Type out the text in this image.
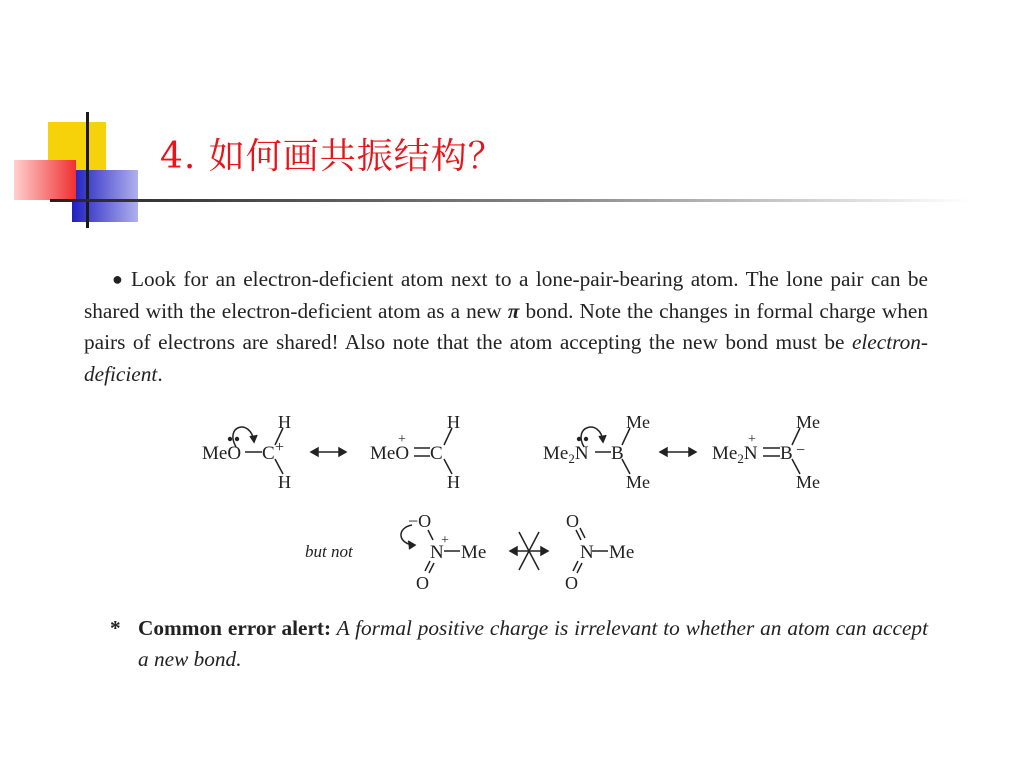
4. 如何画共振结构？
● Look for an electron-deficient atom next to a lone-pair-bearing atom. The lone pair can be shared with the electron-deficient atom as a new π bond. Note the changes in formal charge when pairs of electrons are shared! Also note that the atom accepting the new bond must be electron-deficient.
MeO C +
H
H
MeO
+
C
H
H
$Me_2N$ B
Me
Me
$Me_2N$
+
B −
Me
Me
but not
−O
N
+
Me
O
O
N Me
O
* Common error alert: A formal positive charge is irrelevant to whether an atom can accept a new bond.
